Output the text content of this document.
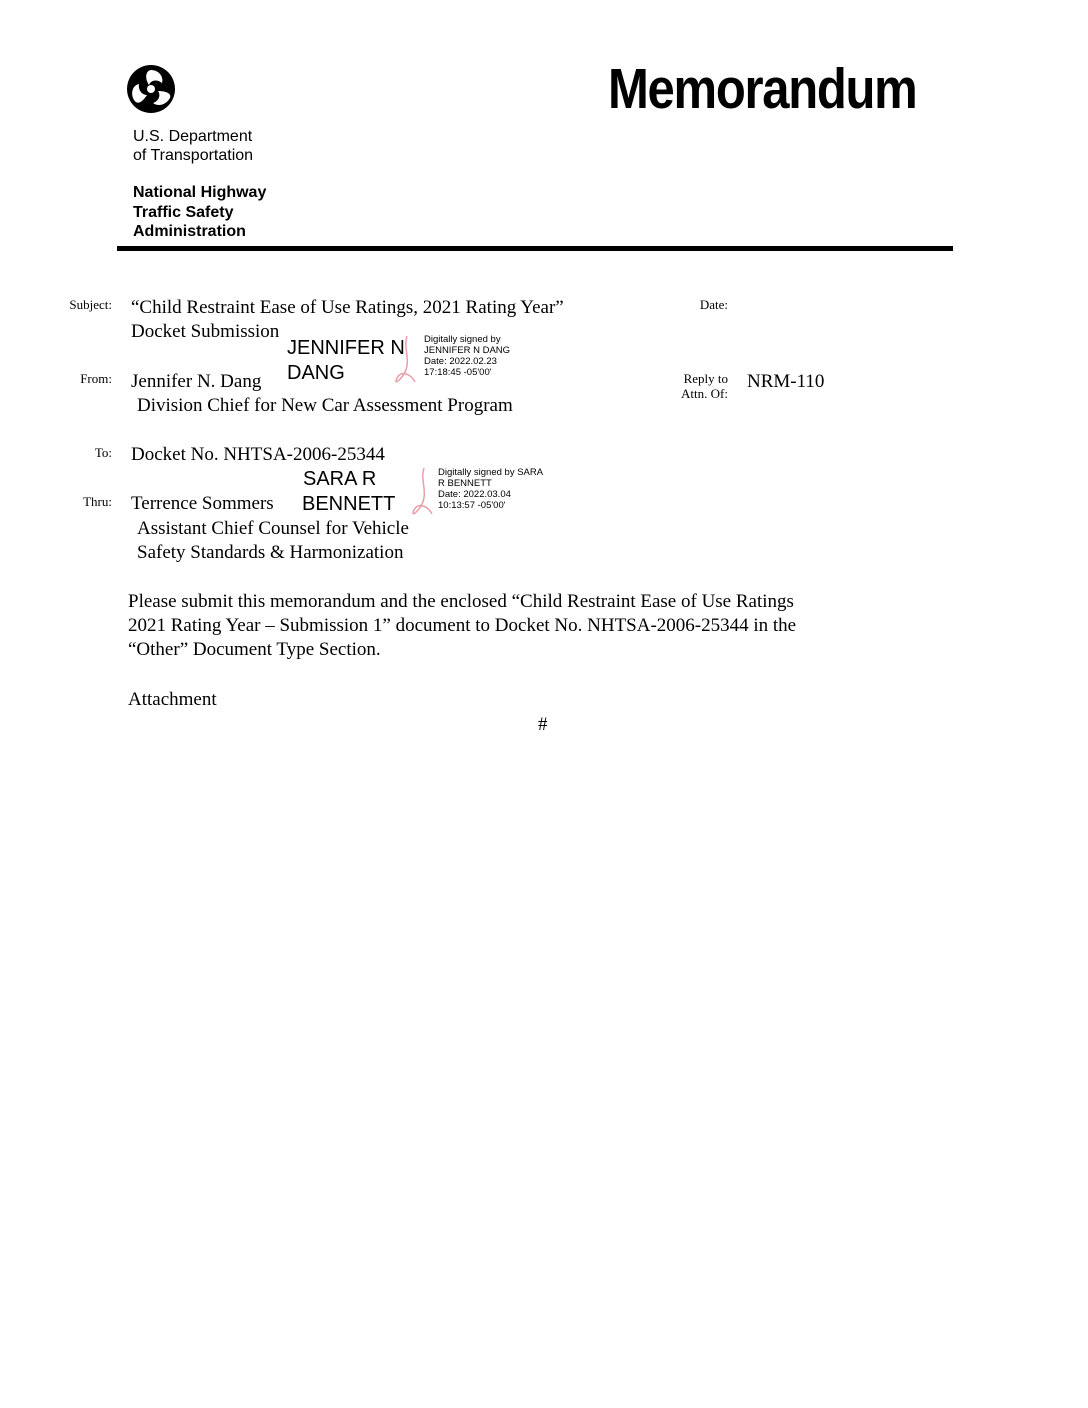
U.S. Department
of Transportation
National Highway
Traffic Safety
Administration
Memorandum
Subject: “Child Restraint Ease of Use Ratings, 2021 Rating Year”
Docket Submission
Date:
JENNIFER N
DANG
Digitally signed by
JENNIFER N DANG
Date: 2022.02.23
17:18:45 -05'00'
From: Jennifer N. Dang
Division Chief for New Car Assessment Program
Reply to
Attn. Of:
NRM-110
To: Docket No. NHTSA-2006-25344
SARA R
BENNETT
Digitally signed by SARA
R BENNETT
Date: 2022.03.04
10:13:57 -05'00'
Thru: Terrence Sommers
Assistant Chief Counsel for Vehicle
Safety Standards & Harmonization
Please submit this memorandum and the enclosed “Child Restraint Ease of Use Ratings
2021 Rating Year – Submission 1” document to Docket No. NHTSA-2006-25344 in the
“Other” Document Type Section.
Attachment
#
